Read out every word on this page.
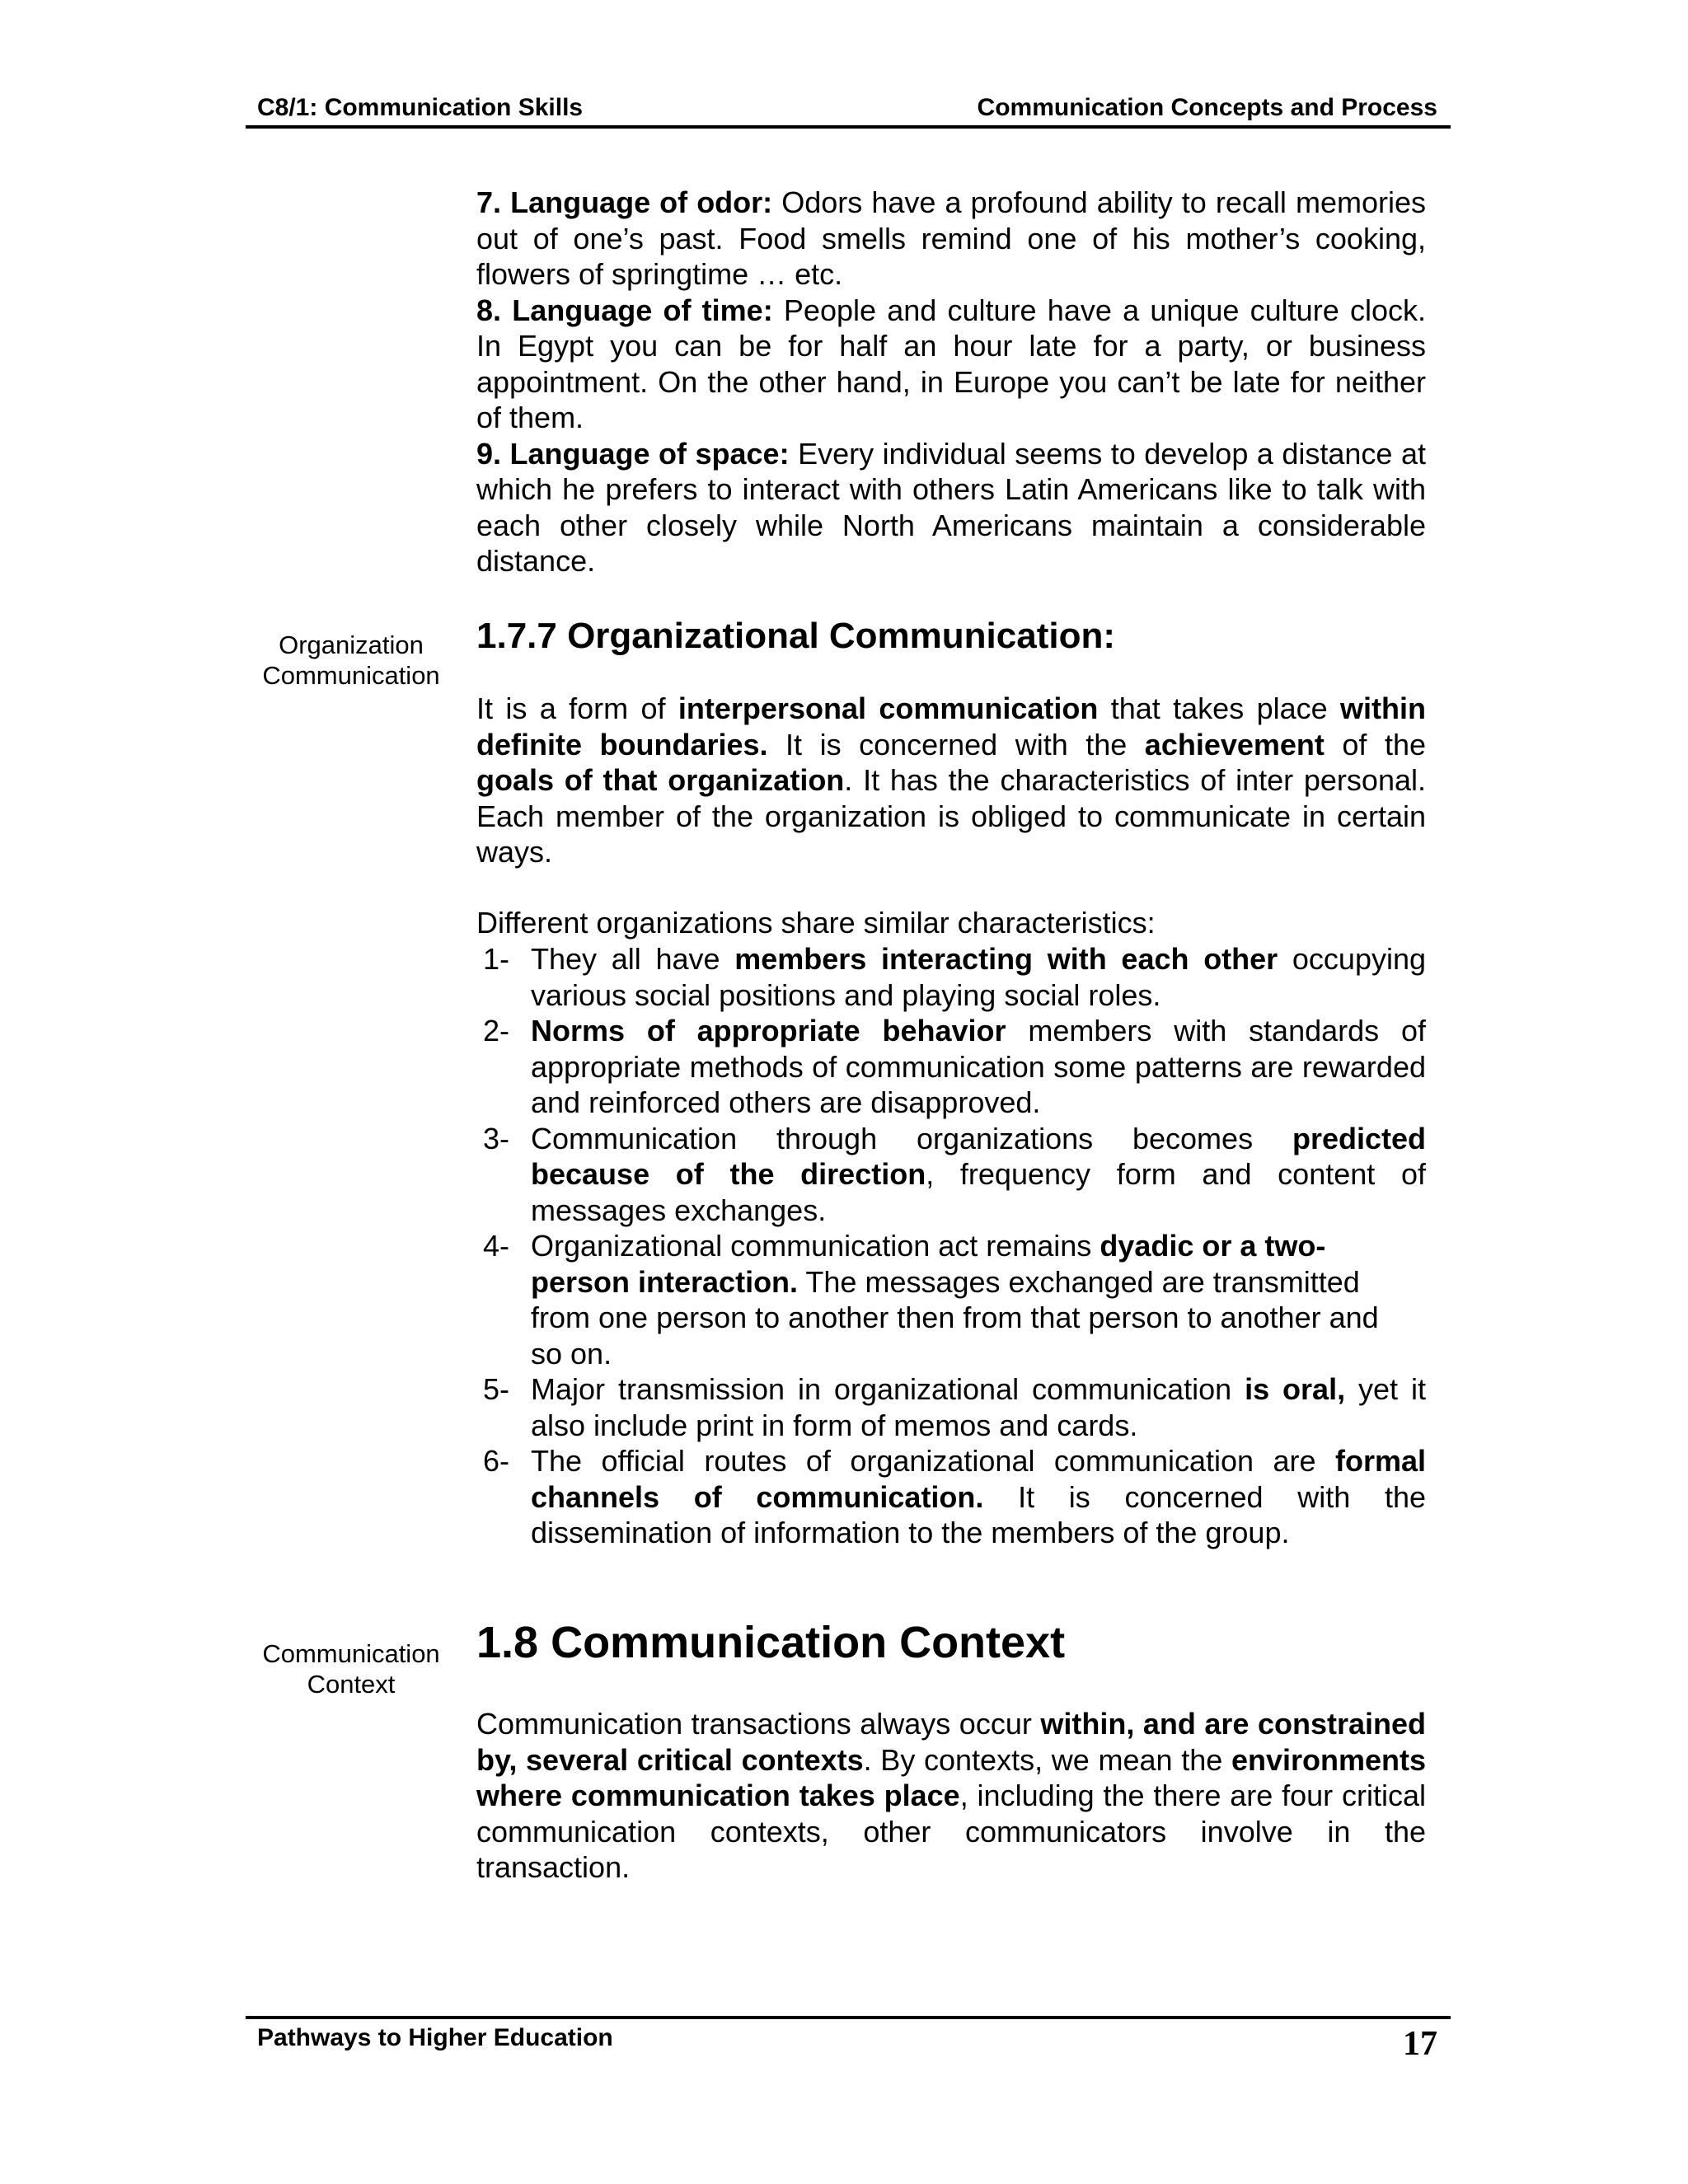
C8/1: Communication Skills	Communication Concepts and Process

7. Language of odor: Odors have a profound ability to recall memories out of one’s past. Food smells remind one of his mother’s cooking, flowers of springtime … etc.

8. Language of time: People and culture have a unique culture clock. In Egypt you can be for half an hour late for a party, or business appointment. On the other hand, in Europe you can’t be late for neither of them.

9. Language of space: Every individual seems to develop a distance at which he prefers to interact with others Latin Americans like to talk with each other closely while North Americans maintain a considerable distance.

Organization
Communication
1.7.7 Organizational Communication:
It is a form of interpersonal communication that takes place within definite boundaries. It is concerned with the achievement of the goals of that organization. It has the characteristics of inter personal. Each member of the organization is obliged to communicate in certain ways.
Different organizations share similar characteristics:
1- They all have members interacting with each other occupying various social positions and playing social roles.
2- Norms of appropriate behavior members with standards of appropriate methods of communication some patterns are rewarded and reinforced others are disapproved.
3- Communication through organizations becomes predicted because of the direction, frequency form and content of messages exchanges.
4- Organizational communication act remains dyadic or a two-person interaction. The messages exchanged are transmitted from one person to another then from that person to another and so on.
5- Major transmission in organizational communication is oral, yet it also include print in form of memos and cards.
6- The official routes of organizational communication are formal channels of communication. It is concerned with the dissemination of information to the members of the group.
Communication
Context
1.8 Communication Context
Communication transactions always occur within, and are constrained by, several critical contexts. By contexts, we mean the environments where communication takes place, including the there are four critical communication contexts, other communicators involve in the transaction.
Pathways to Higher Education	17
